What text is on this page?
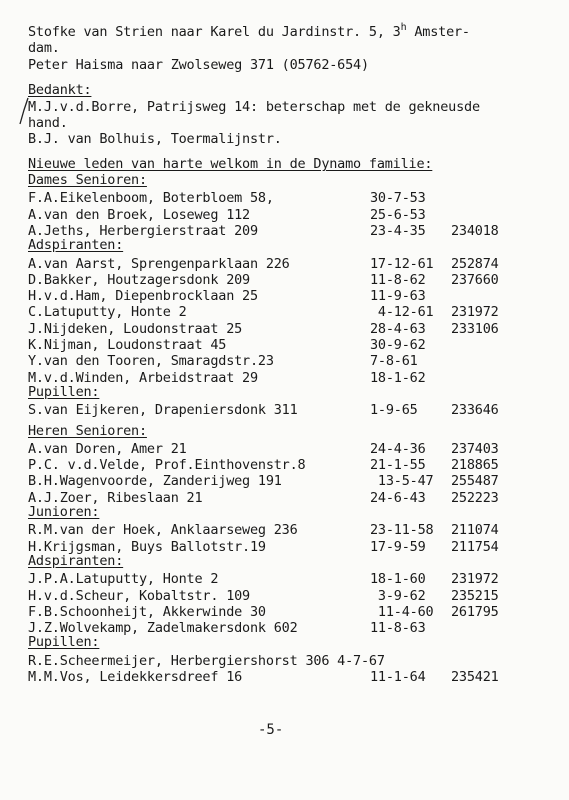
Stofke van Strien naar Karel du Jardinstr. 5, 3$^h$ Amster-
dam.
Peter Haisma naar Zwolseweg 371 (05762-654)
Bedankt:
M.J.v.d.Borre, Patrijsweg 14: beterschap met de gekneusde
hand.
B.J. van Bolhuis, Toermalijnstr.
Nieuwe leden van harte welkom in de Dynamo familie:
Dames Senioren:
F.A.Eikelenboom, Boterbloem 58,	30-7-53
A.van den Broek, Loseweg 112	25-6-53
A.Jeths, Herbergierstraat 209	23-4-35 234018
Adspiranten:
A.van Aarst, Sprengenparklaan 226	17-12-61 252874
D.Bakker, Houtzagersdonk 209	11-8-62 237660
H.v.d.Ham, Diepenbrocklaan 25	11-9-63
C.Latuputty, Honte 2	4-12-61 231972
J.Nijdeken, Loudonstraat 25	28-4-63 233106
K.Nijman, Loudonstraat 45	30-9-62
Y.van den Tooren, Smaragdstr.23	7-8-61
M.v.d.Winden, Arbeidstraat 29	18-1-62
Pupillen:
S.van Eijkeren, Drapeniersdonk 311	1-9-65 233646
Heren Senioren:
A.van Doren, Amer 21	24-4-36 237403
P.C. v.d.Velde, Prof.Einthovenstr.8	21-1-55 218865
B.H.Wagenvoorde, Zanderijweg 191	13-5-47 255487
A.J.Zoer, Ribeslaan 21	24-6-43 252223
Junioren:
R.M.van der Hoek, Anklaarseweg 236	23-11-58 211074
H.Krijgsman, Buys Ballotstr.19	17-9-59 211754
Adspiranten:
J.P.A.Latuputty, Honte 2	18-1-60 231972
H.v.d.Scheur, Kobaltstr. 109	3-9-62 235215
F.B.Schoonheijt, Akkerwinde 30	11-4-60 261795
J.Z.Wolvekamp, Zadelmakersdonk 602	11-8-63
Pupillen:
R.E.Scheermeijer, Herbergiershorst 306 4-7-67
M.M.Vos, Leidekkersdreef 16	11-1-64 235421
-5-
